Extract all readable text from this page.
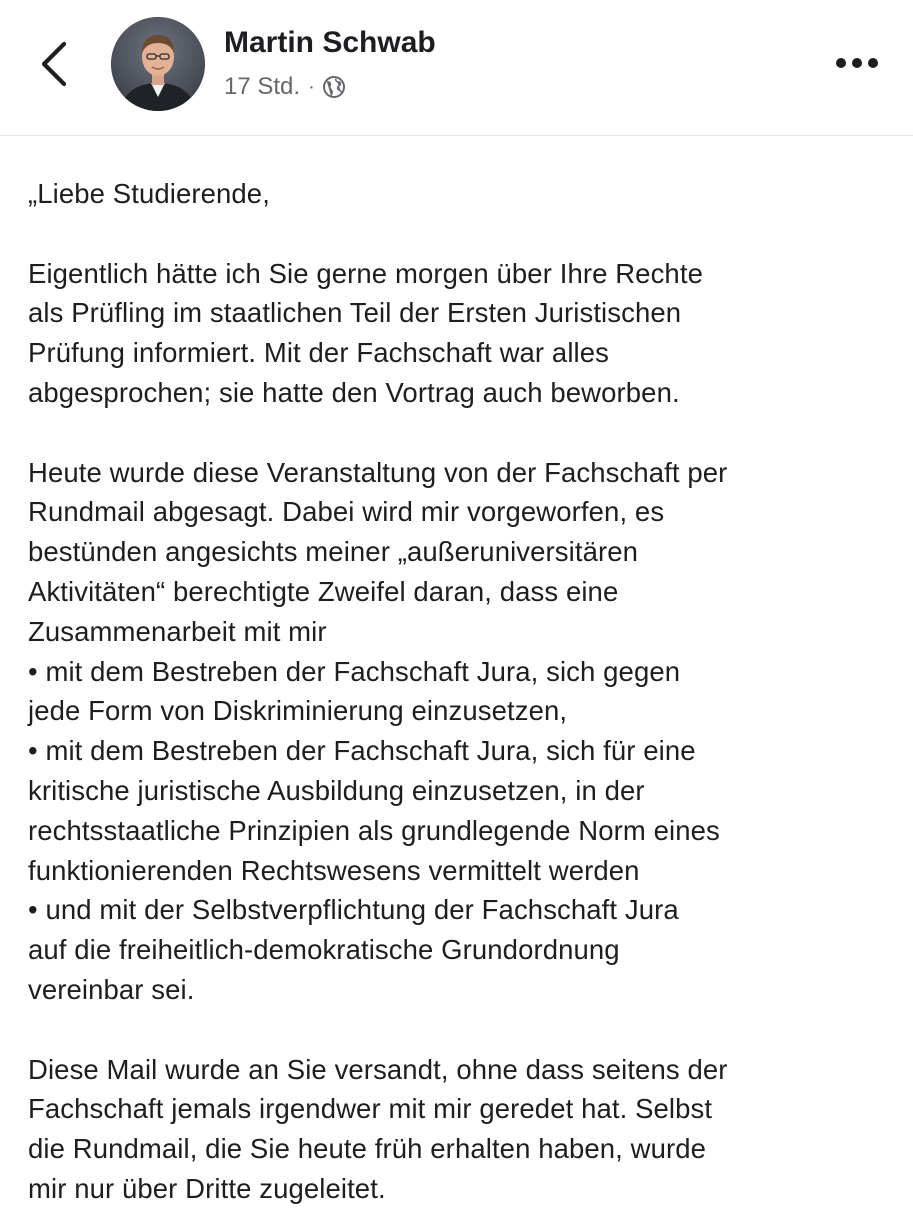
Martin Schwab
17 Std. ·
„Liebe Studierende,
Eigentlich hätte ich Sie gerne morgen über Ihre Rechte
als Prüfling im staatlichen Teil der Ersten Juristischen
Prüfung informiert. Mit der Fachschaft war alles
abgesprochen; sie hatte den Vortrag auch beworben.
Heute wurde diese Veranstaltung von der Fachschaft per
Rundmail abgesagt. Dabei wird mir vorgeworfen, es
bestünden angesichts meiner „außeruniversitären
Aktivitäten“ berechtigte Zweifel daran, dass eine
Zusammenarbeit mit mir
• mit dem Bestreben der Fachschaft Jura, sich gegen
jede Form von Diskriminierung einzusetzen,
• mit dem Bestreben der Fachschaft Jura, sich für eine
kritische juristische Ausbildung einzusetzen, in der
rechtsstaatliche Prinzipien als grundlegende Norm eines
funktionierenden Rechtswesens vermittelt werden
• und mit der Selbstverpflichtung der Fachschaft Jura
auf die freiheitlich-demokratische Grundordnung
vereinbar sei.
Diese Mail wurde an Sie versandt, ohne dass seitens der
Fachschaft jemals irgendwer mit mir geredet hat. Selbst
die Rundmail, die Sie heute früh erhalten haben, wurde
mir nur über Dritte zugeleitet.
